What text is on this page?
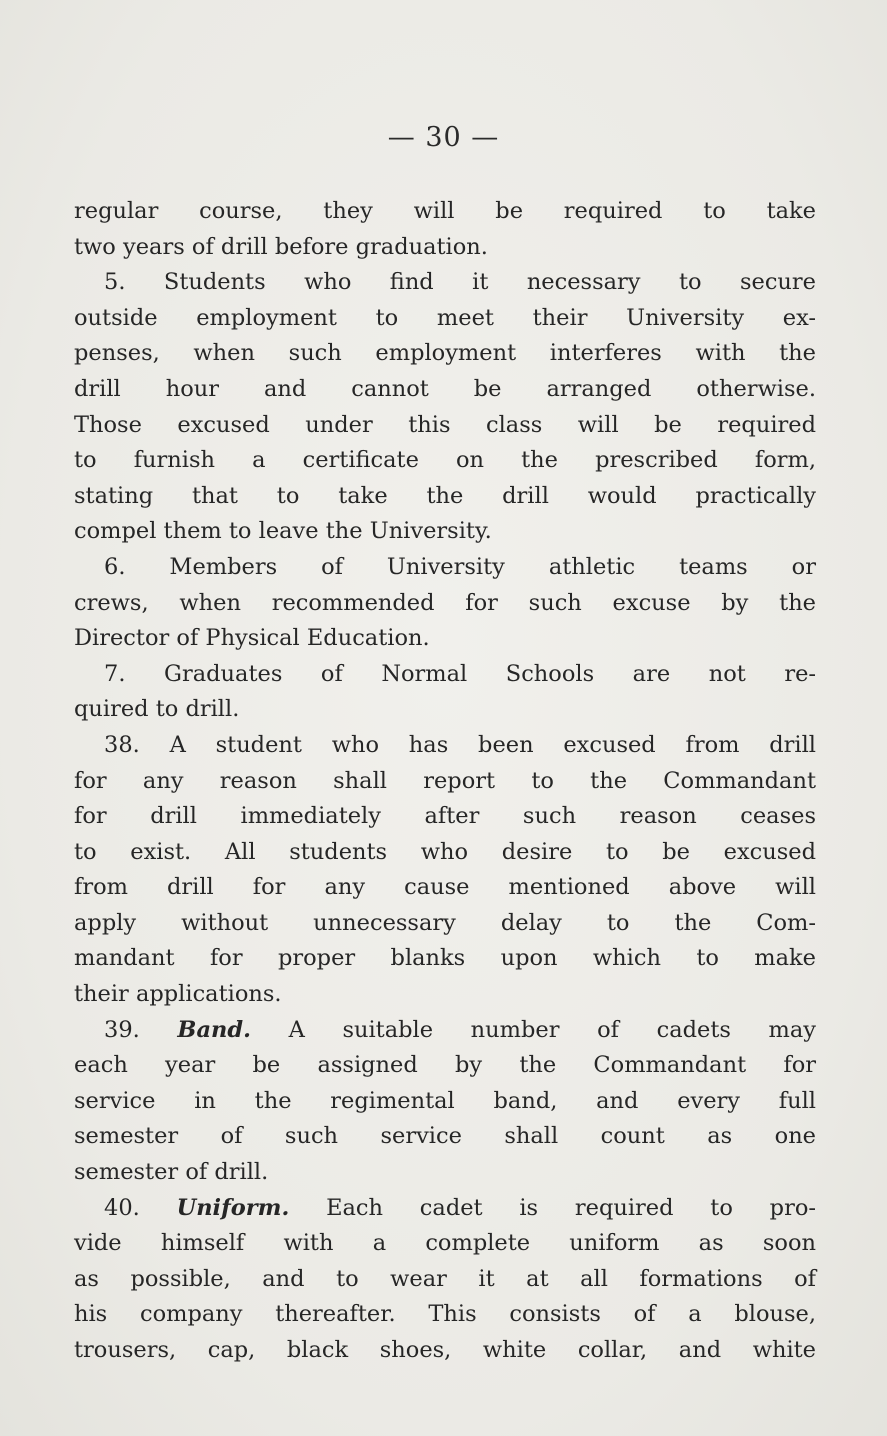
— 30 —
regular course, they will be required to take
two years of drill before graduation.
5. Students who find it necessary to secure
outside employment to meet their University ex-
penses, when such employment interferes with the
drill hour and cannot be arranged otherwise.
Those excused under this class will be required
to furnish a certificate on the prescribed form,
stating that to take the drill would practically
compel them to leave the University.
6. Members of University athletic teams or
crews, when recommended for such excuse by the
Director of Physical Education.
7. Graduates of Normal Schools are not re-
quired to drill.
38. A student who has been excused from drill
for any reason shall report to the Commandant
for drill immediately after such reason ceases
to exist. All students who desire to be excused
from drill for any cause mentioned above will
apply without unnecessary delay to the Com-
mandant for proper blanks upon which to make
their applications.
39. Band. A suitable number of cadets may
each year be assigned by the Commandant for
service in the regimental band, and every full
semester of such service shall count as one
semester of drill.
40. Uniform. Each cadet is required to pro-
vide himself with a complete uniform as soon
as possible, and to wear it at all formations of
his company thereafter. This consists of a blouse,
trousers, cap, black shoes, white collar, and white
